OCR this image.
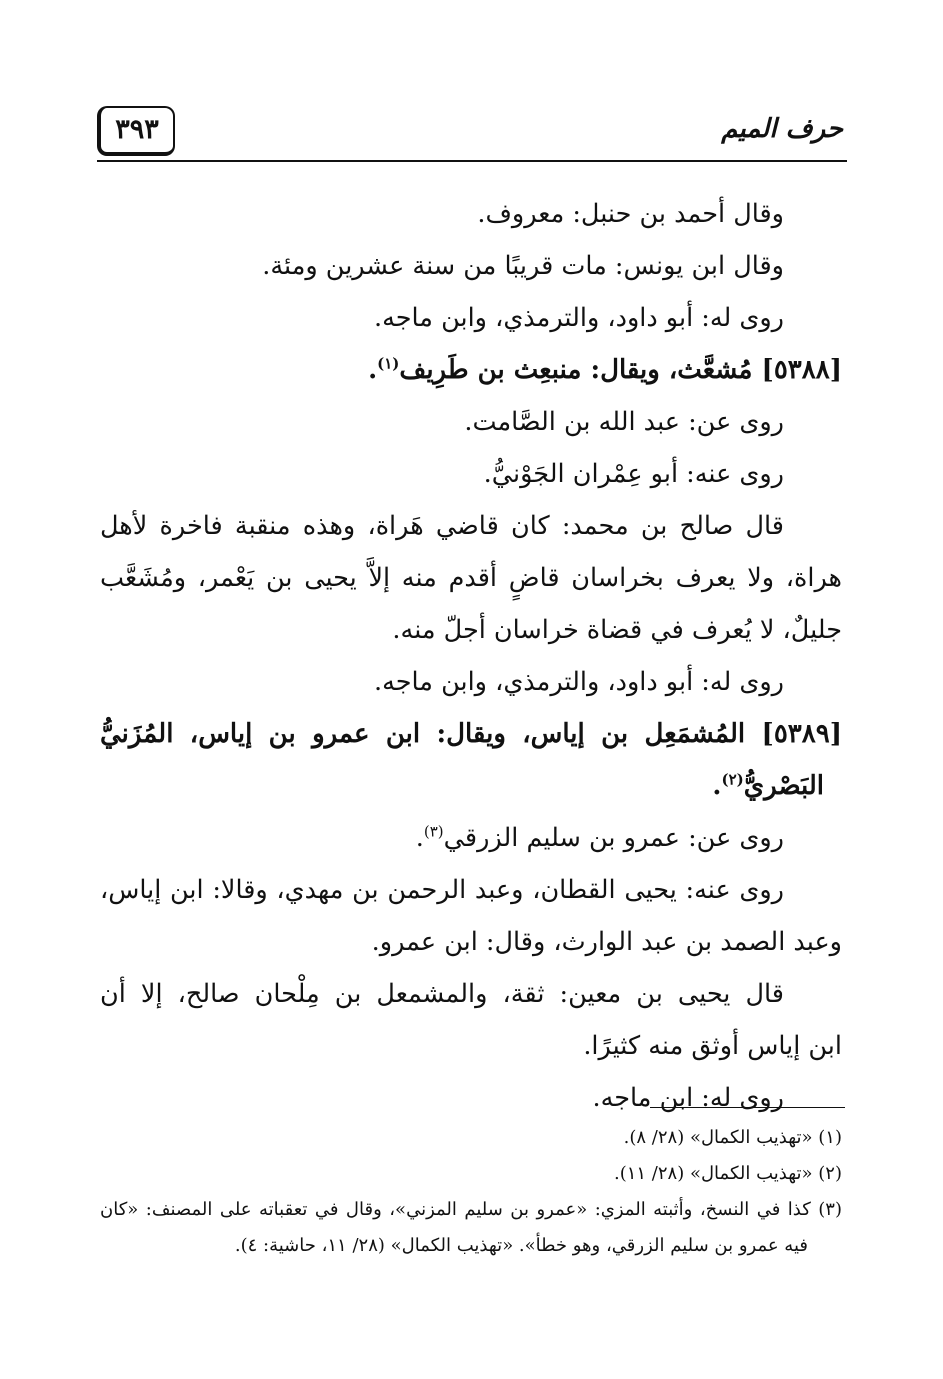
٣٩٣	حرف الميم
وقال أحمد بن حنبل: معروف.
وقال ابن يونس: مات قريبًا من سنة عشرين ومئة.
روى له: أبو داود، والترمذي، وابن ماجه.
[٥٣٨٨] مُشعَّث، ويقال: منبعِث بن طَرِيف$^{(١)}$.
روى عن: عبد الله بن الصَّامت.
روى عنه: أبو عِمْران الجَوْنيُّ.
قال صالح بن محمد: كان قاضي هَراة، وهذه منقبة فاخرة لأهل
هراة، ولا يعرف بخراسان قاضٍ أقدم منه إلاَّ يحيى بن يَعْمر، ومُشَعَّب
جليلٌ، لا يُعرف في قضاة خراسان أجلّ منه.
روى له: أبو داود، والترمذي، وابن ماجه.
[٥٣٨٩] المُشمَعِل بن إياس، ويقال: ابن عمرو بن إياس، المُزَنيُّ
البَصْريُّ$^{(٢)}$.
روى عن: عمرو بن سليم الزرقي$^{(٣)}$.
روى عنه: يحيى القطان، وعبد الرحمن بن مهدي، وقالا: ابن إياس،
وعبد الصمد بن عبد الوارث، وقال: ابن عمرو.
قال يحيى بن معين: ثقة، والمشمعل بن مِلْحان صالح، إلا أن
ابن إياس أوثق منه كثيرًا.
روى له: ابن ماجه.
(١) «تهذيب الكمال» (٢٨/ ٨).
(٢) «تهذيب الكمال» (٢٨/ ١١).
(٣) كذا في النسخ، وأثبته المزي: «عمرو بن سليم المزني»، وقال في تعقباته على المصنف: «كان
فيه عمرو بن سليم الزرقي، وهو خطأ». «تهذيب الكمال» (٢٨/ ١١، حاشية: ٤).
